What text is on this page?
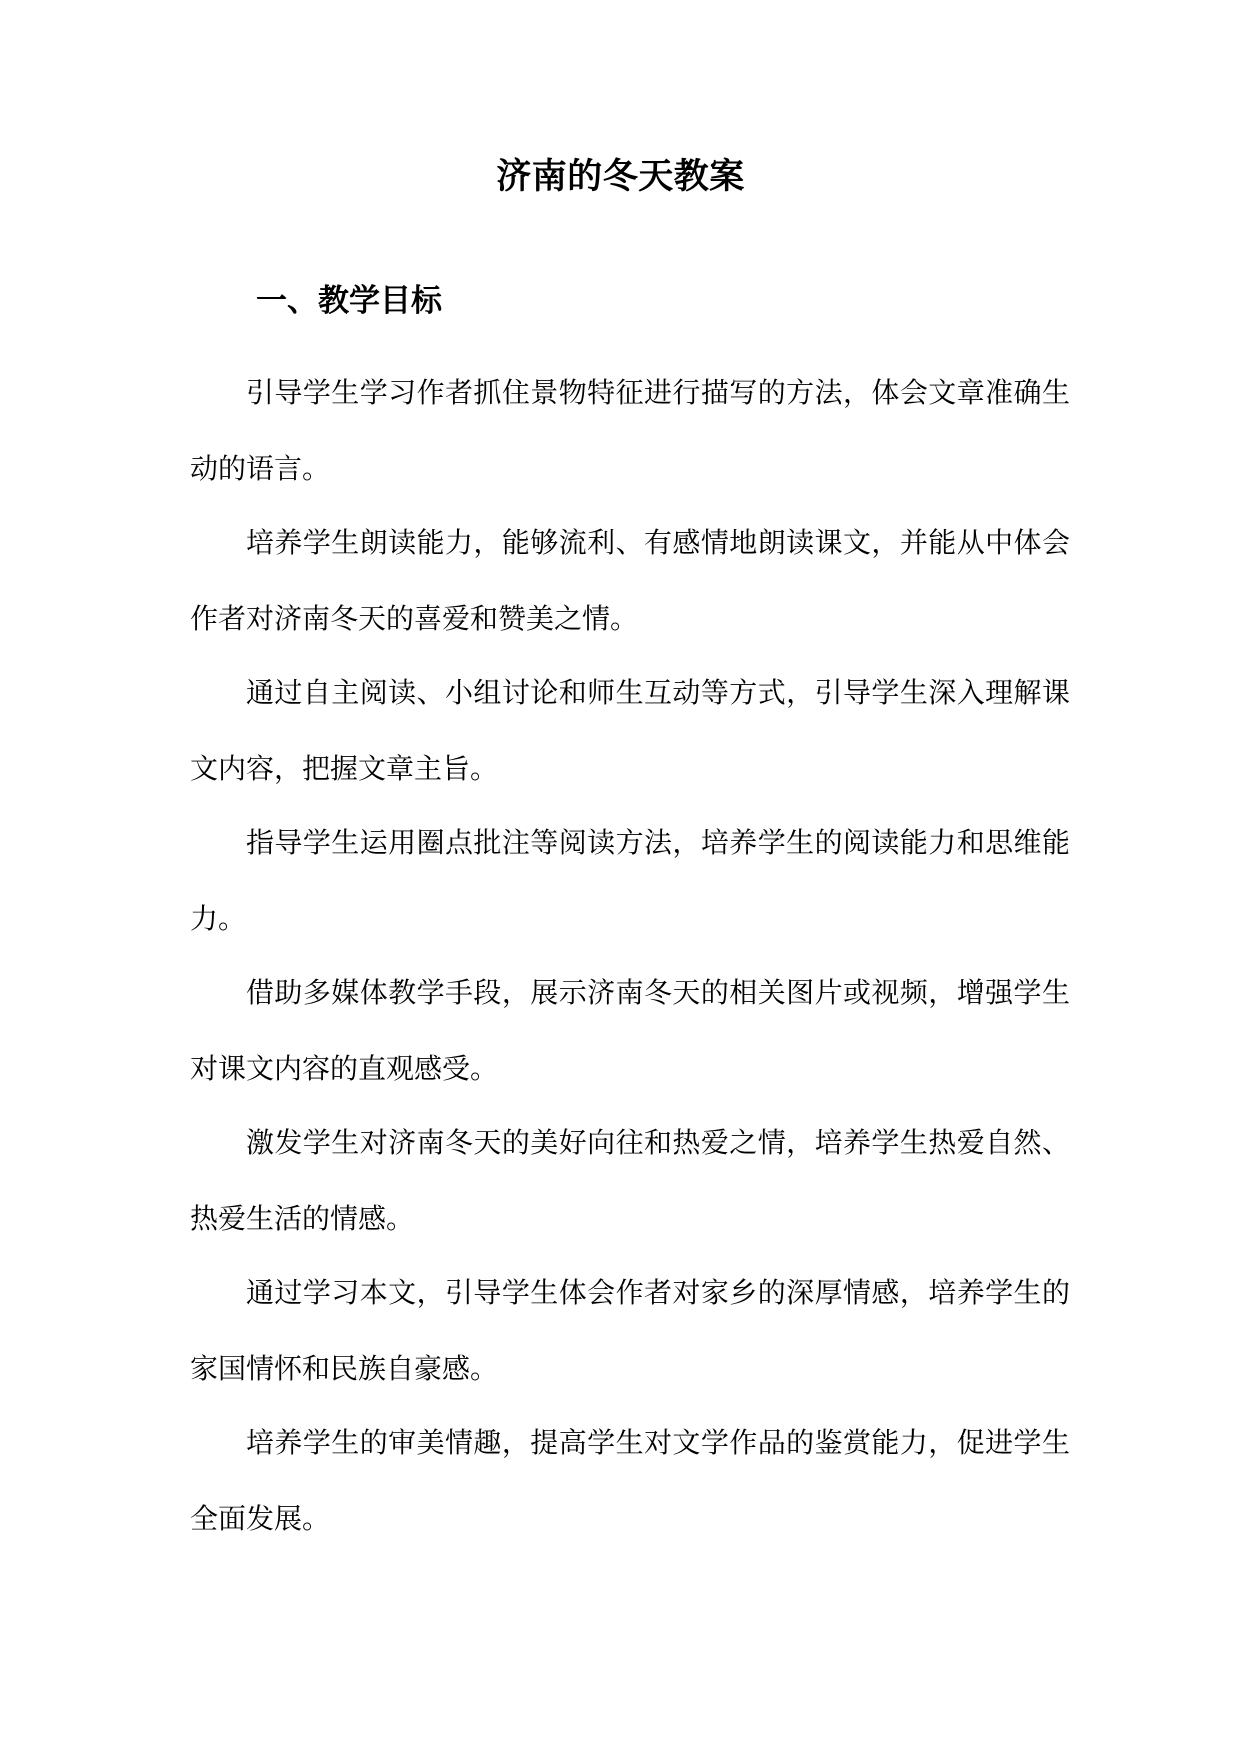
济南的冬天教案
一、教学目标

引导学生学习作者抓住景物特征进行描写的方法，体会文章准确生动的语言。

培养学生朗读能力，能够流利、有感情地朗读课文，并能从中体会作者对济南冬天的喜爱和赞美之情。

通过自主阅读、小组讨论和师生互动等方式，引导学生深入理解课文内容，把握文章主旨。

指导学生运用圈点批注等阅读方法，培养学生的阅读能力和思维能力。

借助多媒体教学手段，展示济南冬天的相关图片或视频，增强学生对课文内容的直观感受。

激发学生对济南冬天的美好向往和热爱之情，培养学生热爱自然、热爱生活的情感。

通过学习本文，引导学生体会作者对家乡的深厚情感，培养学生的家国情怀和民族自豪感。

培养学生的审美情趣，提高学生对文学作品的鉴赏能力，促进学生全面发展。
